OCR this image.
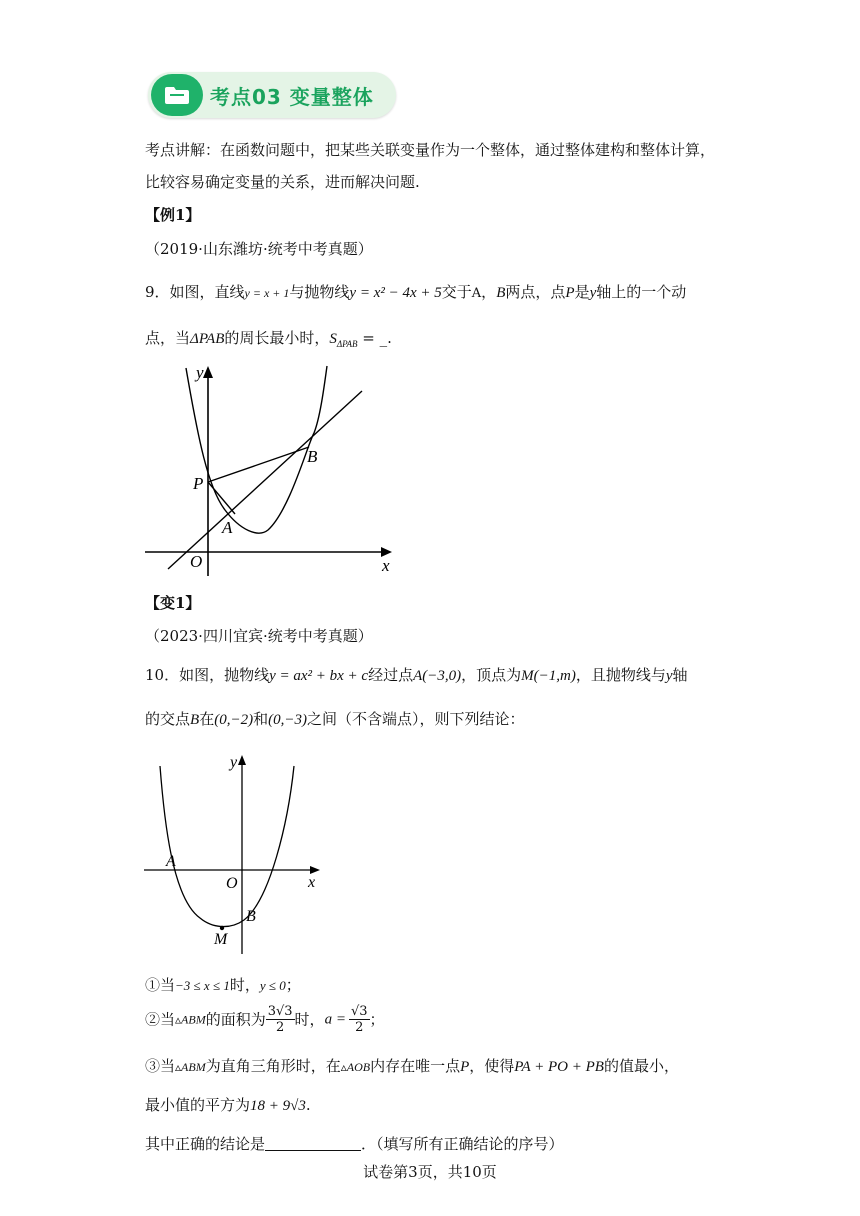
考点03 变量整体
考点讲解：在函数问题中，把某些关联变量作为一个整体，通过整体建构和整体计算，
比较容易确定变量的关系，进而解决问题.
【例1】
（2019·山东潍坊·统考中考真题）
9．如图，直线y = x + 1与抛物线y = x² − 4x + 5交于A，B两点，点P是y轴上的一个动
点，当ΔPAB的周长最小时，$S_{\Delta PAB}$ = _.
y
x
O
P
A
B
【变1】
（2023·四川宜宾·统考中考真题）
10．如图，抛物线y = ax² + bx + c经过点A(−3,0)，顶点为M(−1,m)，且抛物线与y轴
的交点B在(0,−2)和(0,−3)之间（不含端点），则下列结论：
y
x
O
A
B
M
①当−3 ≤ x ≤ 1时，y ≤ 0；
②当▵ABM的面积为 $\frac{3√3}{2}$ 时，$a = \frac{√3}{2}$ ；
③当▵ABM为直角三角形时，在▵AOB内存在唯一点P，使得PA + PO + PB的值最小，
最小值的平方为18 + 9√3.
其中正确的结论是	．（填写所有正确结论的序号）
试卷第3页，共10页
